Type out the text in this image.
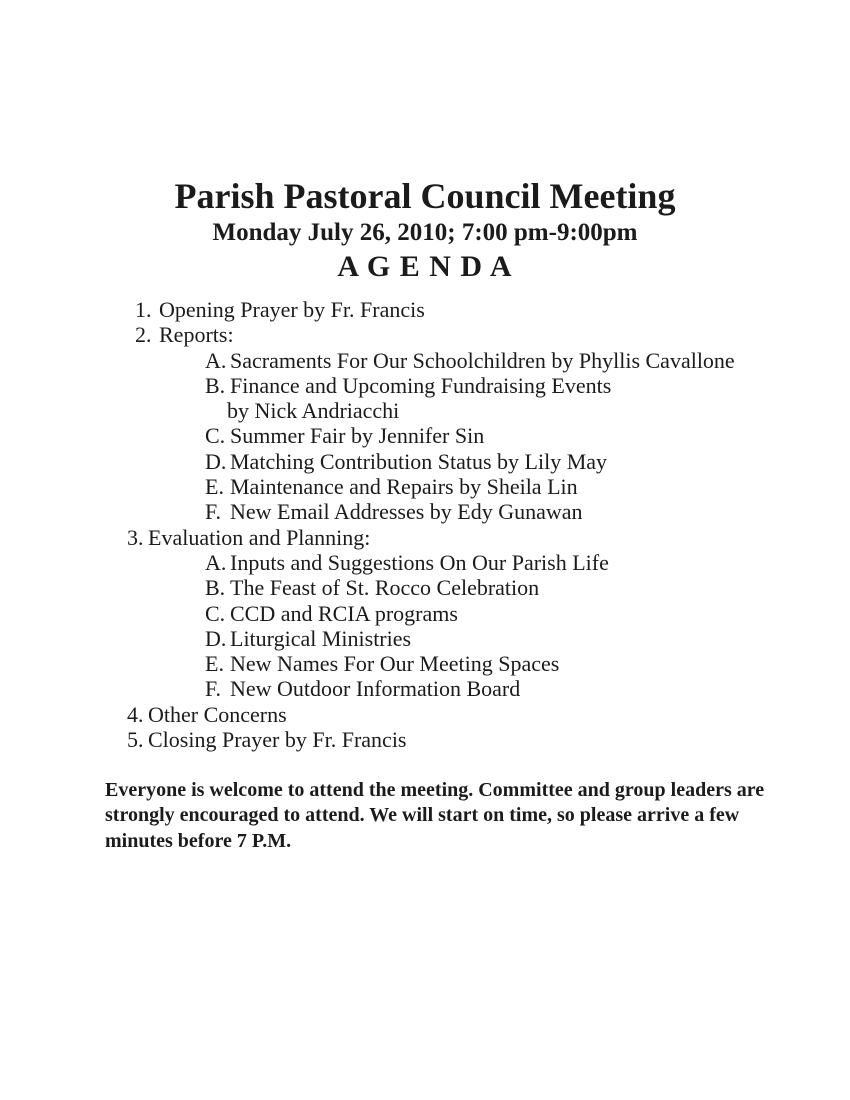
Parish Pastoral Council Meeting
Monday July 26, 2010; 7:00 pm-9:00pm
A G E N D A
1. Opening Prayer by Fr. Francis
2. Reports:
A. Sacraments For Our Schoolchildren by Phyllis Cavallone
B. Finance and Upcoming Fundraising Events
by Nick Andriacchi
C. Summer Fair by Jennifer Sin
D. Matching Contribution Status by Lily May
E. Maintenance and Repairs by Sheila Lin
F. New Email Addresses by Edy Gunawan
3. Evaluation and Planning:
A. Inputs and Suggestions On Our Parish Life
B. The Feast of St. Rocco Celebration
C. CCD and RCIA programs
D. Liturgical Ministries
E. New Names For Our Meeting Spaces
F. New Outdoor Information Board
4. Other Concerns
5. Closing Prayer by Fr. Francis
Everyone is welcome to attend the meeting. Committee and group leaders are
strongly encouraged to attend. We will start on time, so please arrive a few
minutes before 7 P.M.
